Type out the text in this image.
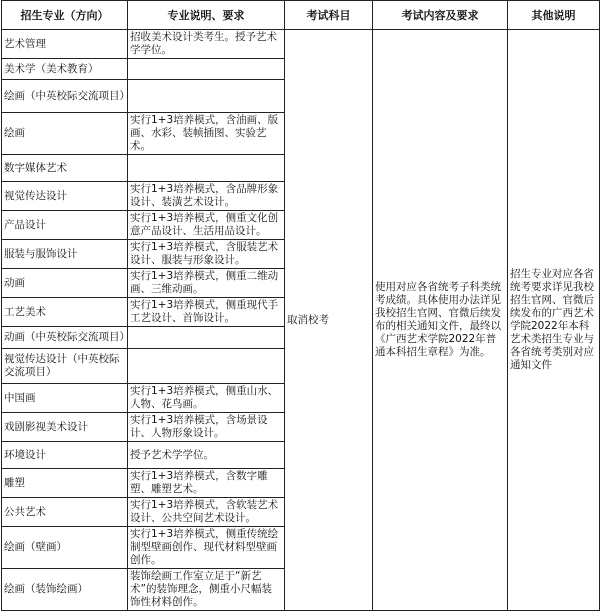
招生专业（方向）	专业说明、要求	考试科目	考试内容及要求	其他说明
艺术管理	招收美术设计类考生。授予艺术学学位。	取消校考	使用对应各省统考子科类统考成绩。具体使用办法详见我校招生官网、官微后续发布的相关通知文件，最终以《广西艺术学院2022年普通本科招生章程》为准。	招生专业对应各省统考要求详见我校招生官网、官微后续发布的广西艺术学院2022年本科艺术类招生专业与各省统考类别对应通知文件
美术学（美术教育）				
绘画（中英校际交流项目）				
绘画	实行1+3培养模式，含油画、版画、水彩、装帧插图、实验艺术。			
数字媒体艺术				
视觉传达设计	实行1+3培养模式，含品牌形象设计、装潢艺术设计。			
产品设计	实行1+3培养模式，侧重文化创意产品设计、生活用品设计。			
服装与服饰设计	实行1+3培养模式，含服装艺术设计、服装与形象设计。			
动画	实行1+3培养模式，侧重二维动画、三维动画。			
工艺美术	实行1+3培养模式，侧重现代手工艺设计、首饰设计。			
动画（中英校际交流项目）				
视觉传达设计（中英校际交流项目）				
中国画	实行1+3培养模式，侧重山水、人物、花鸟画。			
戏剧影视美术设计	实行1+3培养模式，含场景设计、人物形象设计。			
环境设计	授予艺术学学位。			
雕塑	实行1+3培养模式，含数字雕塑、雕塑艺术。			
公共艺术	实行1+3培养模式，含软装艺术设计、公共空间艺术设计。			
绘画（壁画）	实行1+3培养模式，侧重传统绘制型壁画创作、现代材料型壁画创作。			
绘画（装饰绘画）	装饰绘画工作室立足于“新艺术”的装饰理念，侧重小尺幅装饰性材料创作。			
